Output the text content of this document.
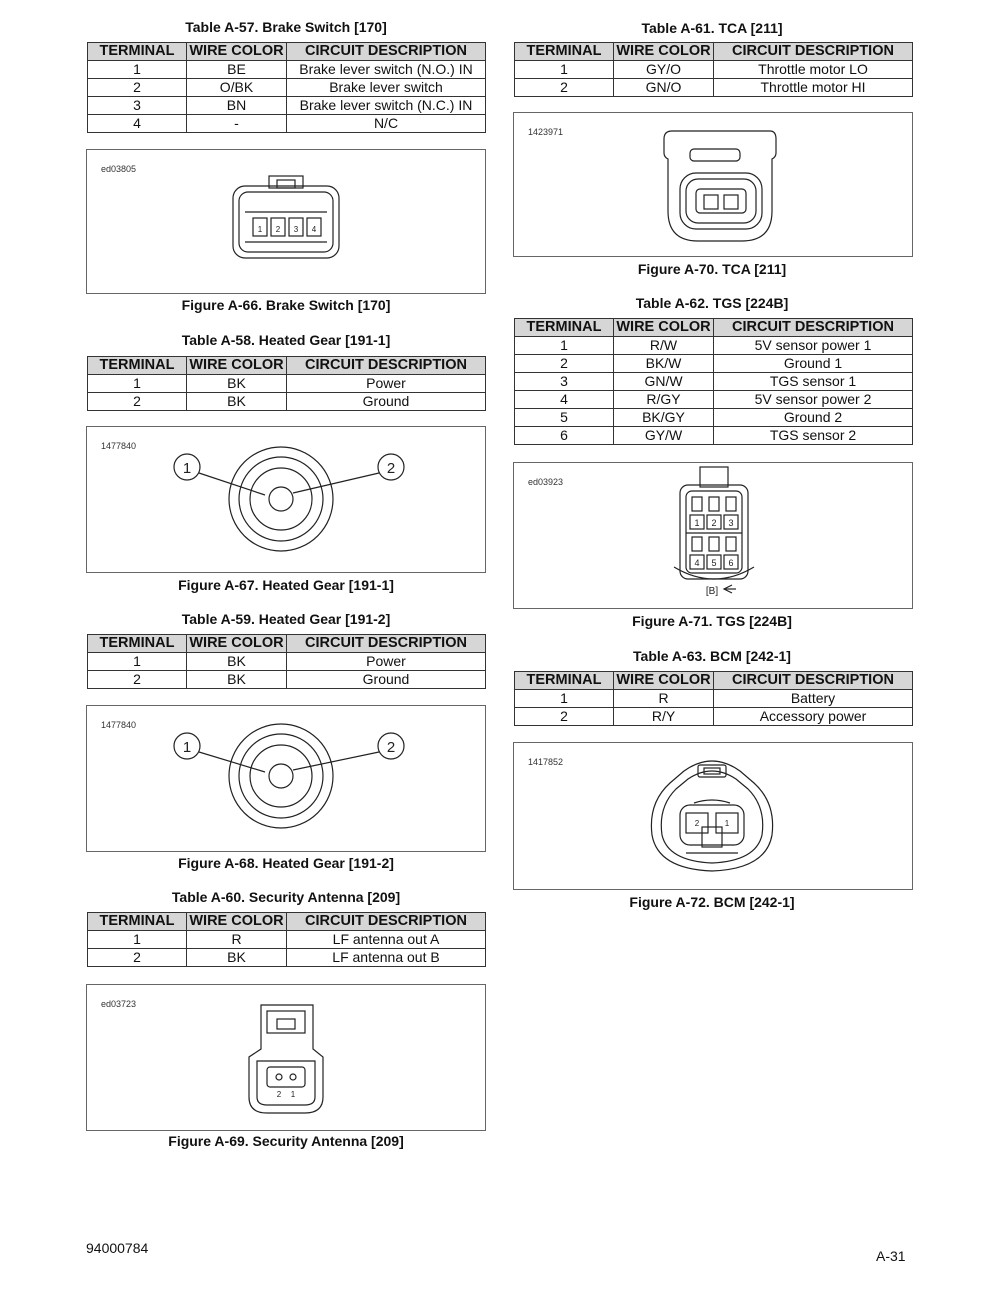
Table A-57. Brake Switch [170]
TERMINAL	WIRE COLOR	CIRCUIT DESCRIPTION
1	BE	Brake lever switch (N.O.) IN
2	O/BK	Brake lever switch
3	BN	Brake lever switch (N.C.) IN
4	-	N/C
ed03805
1 2 3 4
Figure A-66. Brake Switch [170]
Table A-58. Heated Gear [191-1]
TERMINAL	WIRE COLOR	CIRCUIT DESCRIPTION
1	BK	Power
2	BK	Ground
1477840
1	2
Figure A-67. Heated Gear [191-1]
Table A-59. Heated Gear [191-2]
TERMINAL	WIRE COLOR	CIRCUIT DESCRIPTION
1	BK	Power
2	BK	Ground
1477840
1	2
Figure A-68. Heated Gear [191-2]
Table A-60. Security Antenna [209]
TERMINAL	WIRE COLOR	CIRCUIT DESCRIPTION
1	R	LF antenna out A
2	BK	LF antenna out B
ed03723
2 1
Figure A-69. Security Antenna [209]
Table A-61. TCA [211]
TERMINAL	WIRE COLOR	CIRCUIT DESCRIPTION
1	GY/O	Throttle motor LO
2	GN/O	Throttle motor HI
1423971
Figure A-70. TCA [211]
Table A-62. TGS [224B]
TERMINAL	WIRE COLOR	CIRCUIT DESCRIPTION
1	R/W	5V sensor power 1
2	BK/W	Ground 1
3	GN/W	TGS sensor 1
4	R/GY	5V sensor power 2
5	BK/GY	Ground 2
6	GY/W	TGS sensor 2
ed03923
1 2 3
4 5 6
[B]
Figure A-71. TGS [224B]
Table A-63. BCM [242-1]
TERMINAL	WIRE COLOR	CIRCUIT DESCRIPTION
1	R	Battery
2	R/Y	Accessory power
1417852
2	1
Figure A-72. BCM [242-1]
94000784	A-31
